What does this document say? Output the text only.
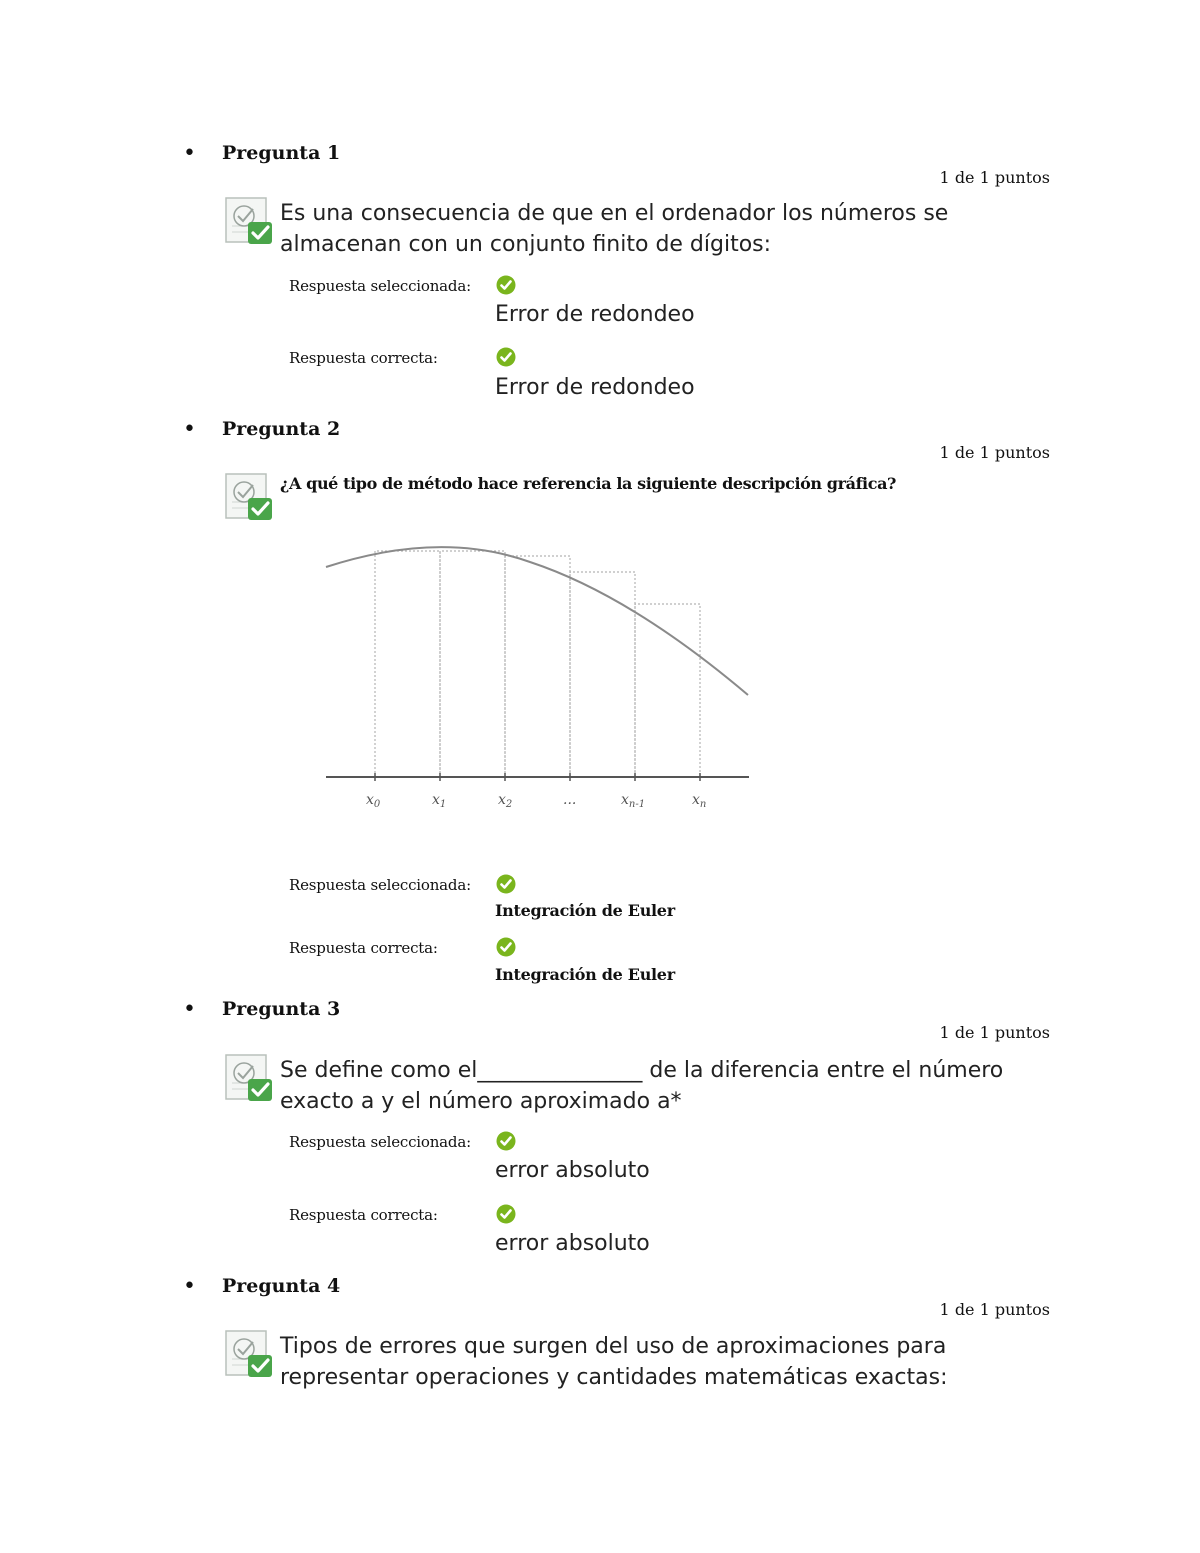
• Pregunta 1
1 de 1 puntos
Es una consecuencia de que en el ordenador los números se
almacenan con un conjunto finito de dígitos:
Respuesta seleccionada:
Error de redondeo
Respuesta correcta:
Error de redondeo
• Pregunta 2
1 de 1 puntos
¿A qué tipo de método hace referencia la siguiente descripción gráfica?
$x_0$	$x_1$	$x_2$	...	$x_{n-1}$	$x_n$
Respuesta seleccionada:
Integración de Euler
Respuesta correcta:
Integración de Euler
• Pregunta 3
1 de 1 puntos
Se define como el_______________ de la diferencia entre el número
exacto a y el número aproximado a*
Respuesta seleccionada:
error absoluto
Respuesta correcta:
error absoluto
• Pregunta 4
1 de 1 puntos
Tipos de errores que surgen del uso de aproximaciones para
representar operaciones y cantidades matemáticas exactas:
